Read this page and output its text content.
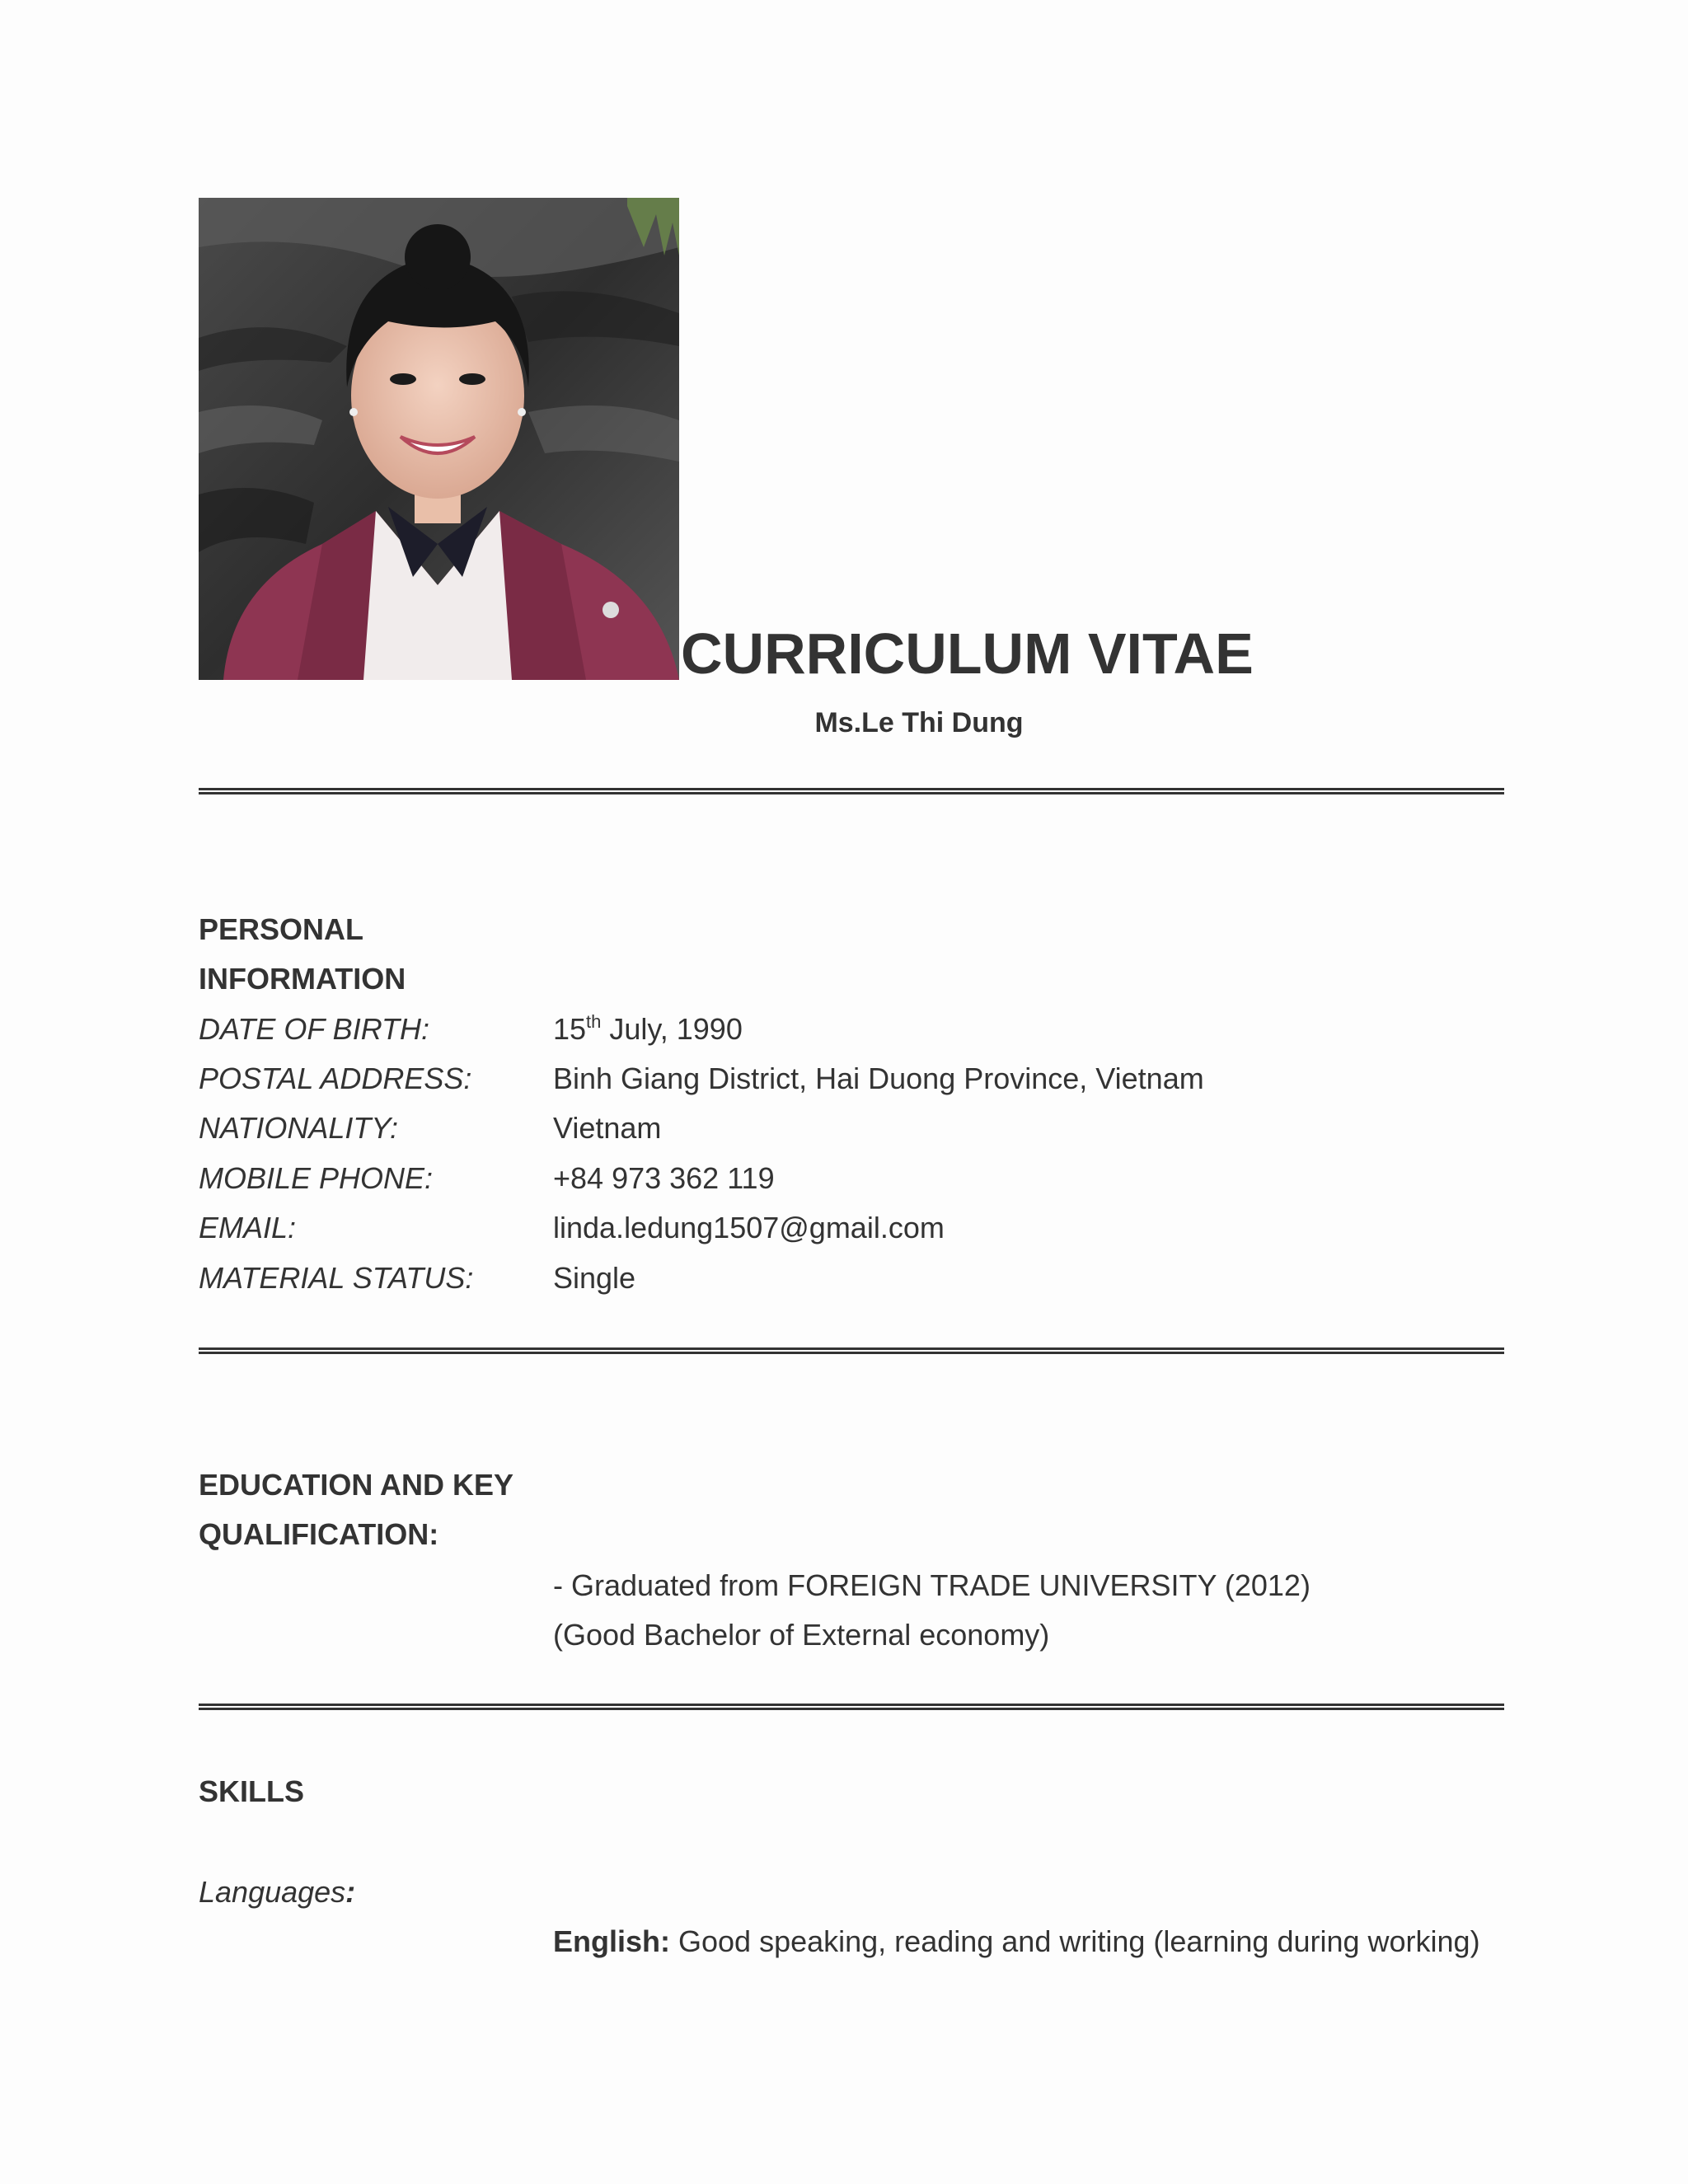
CURRICULUM VITAE
Ms.Le Thi Dung
PERSONAL
INFORMATION
DATE OF BIRTH:	15th July, 1990
POSTAL ADDRESS:	Binh Giang District, Hai Duong Province, Vietnam
NATIONALITY:	Vietnam
MOBILE PHONE:	+84 973 362 119
EMAIL:	linda.ledung1507@gmail.com
MATERIAL STATUS:	Single
EDUCATION AND KEY
QUALIFICATION:
- Graduated from FOREIGN TRADE UNIVERSITY (2012)
(Good Bachelor of External economy)
SKILLS
Languages:
English: Good speaking, reading and writing (learning during working)
